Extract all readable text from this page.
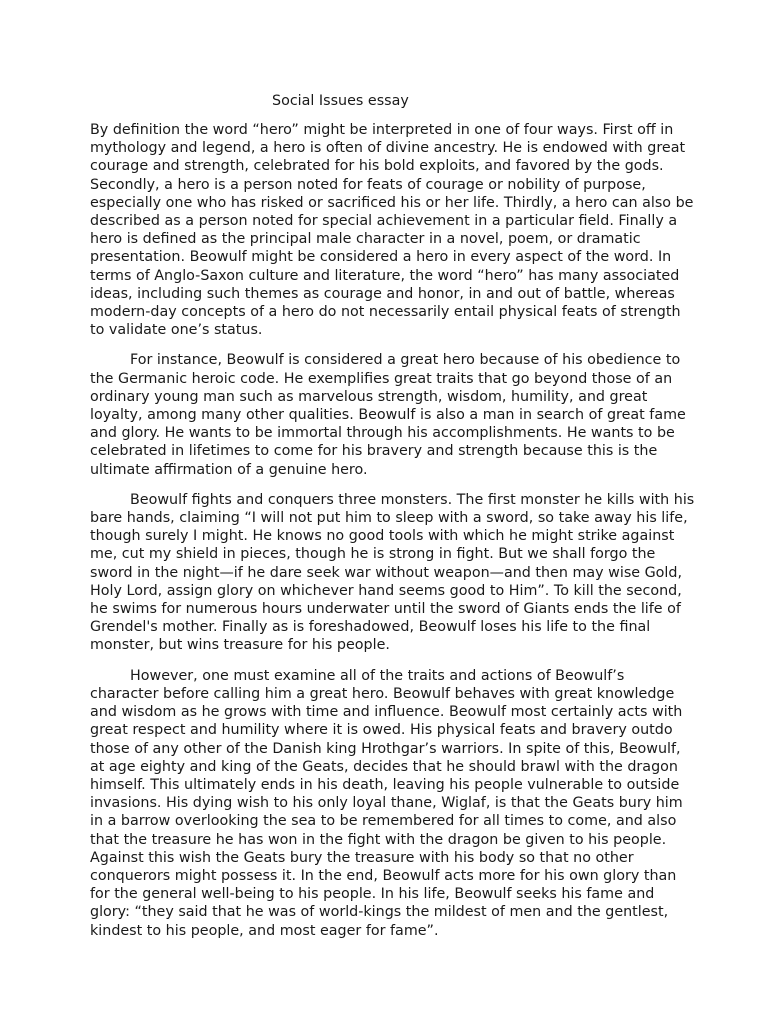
Social Issues essay

By definition the word “hero” might be interpreted in one of four ways. First off in mythology and legend, a hero is often of divine ancestry. He is endowed with great courage and strength, celebrated for his bold exploits, and favored by the gods. Secondly, a hero is a person noted for feats of courage or nobility of purpose, especially one who has risked or sacrificed his or her life. Thirdly, a hero can also be described as a person noted for special achievement in a particular field. Finally a hero is defined as the principal male character in a novel, poem, or dramatic presentation. Beowulf might be considered a hero in every aspect of the word. In terms of Anglo-Saxon culture and literature, the word “hero” has many associated ideas, including such themes as courage and honor, in and out of battle, whereas modern-day concepts of a hero do not necessarily entail physical feats of strength to validate one’s status.

For instance, Beowulf is considered a great hero because of his obedience to the Germanic heroic code. He exemplifies great traits that go beyond those of an ordinary young man such as marvelous strength, wisdom, humility, and great loyalty, among many other qualities. Beowulf is also a man in search of great fame and glory. He wants to be immortal through his accomplishments. He wants to be celebrated in lifetimes to come for his bravery and strength because this is the ultimate affirmation of a genuine hero.

Beowulf fights and conquers three monsters. The first monster he kills with his bare hands, claiming “I will not put him to sleep with a sword, so take away his life, though surely I might. He knows no good tools with which he might strike against me, cut my shield in pieces, though he is strong in fight. But we shall forgo the sword in the night—if he dare seek war without weapon—and then may wise Gold, Holy Lord, assign glory on whichever hand seems good to Him”. To kill the second, he swims for numerous hours underwater until the sword of Giants ends the life of Grendel's mother. Finally as is foreshadowed, Beowulf loses his life to the final monster, but wins treasure for his people.

However, one must examine all of the traits and actions of Beowulf’s character before calling him a great hero. Beowulf behaves with great knowledge and wisdom as he grows with time and influence. Beowulf most certainly acts with great respect and humility where it is owed. His physical feats and bravery outdo those of any other of the Danish king Hrothgar’s warriors. In spite of this, Beowulf, at age eighty and king of the Geats, decides that he should brawl with the dragon himself. This ultimately ends in his death, leaving his people vulnerable to outside invasions. His dying wish to his only loyal thane, Wiglaf, is that the Geats bury him in a barrow overlooking the sea to be remembered for all times to come, and also that the treasure he has won in the fight with the dragon be given to his people. Against this wish the Geats bury the treasure with his body so that no other conquerors might possess it. In the end, Beowulf acts more for his own glory than for the general well-being to his people. In his life, Beowulf seeks his fame and glory: “they said that he was of world-kings the mildest of men and the gentlest, kindest to his people, and most eager for fame”.
